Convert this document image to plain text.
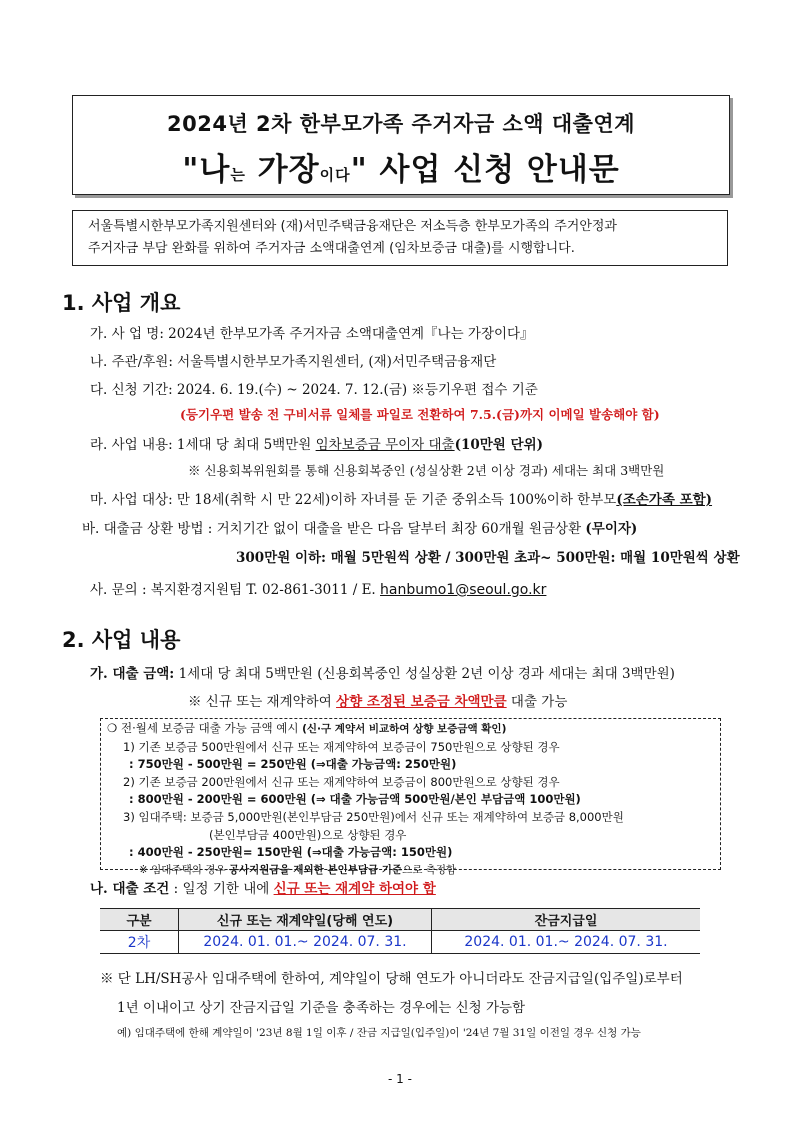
2024년 2차 한부모가족 주거자금 소액 대출연계
"나는 가장이다" 사업 신청 안내문
서울특별시한부모가족지원센터와 (재)서민주택금융재단은 저소득층 한부모가족의 주거안정과
주거자금 부담 완화를 위하여 주거자금 소액대출연계 (임차보증금 대출)를 시행합니다.
1. 사업 개요
가. 사 업 명: 2024년 한부모가족 주거자금 소액대출연계『나는 가장이다』
나. 주관/후원: 서울특별시한부모가족지원센터, (재)서민주택금융재단
다. 신청 기간: 2024. 6. 19.(수) ~ 2024. 7. 12.(금) ※등기우편 접수 기준
(등기우편 발송 전 구비서류 일체를 파일로 전환하여 7.5.(금)까지 이메일 발송해야 함)
라. 사업 내용: 1세대 당 최대 5백만원 임차보증금 무이자 대출(10만원 단위)
※ 신용회복위원회를 통해 신용회복중인 (성실상환 2년 이상 경과) 세대는 최대 3백만원
마. 사업 대상: 만 18세(취학 시 만 22세)이하 자녀를 둔 기준 중위소득 100%이하 한부모(조손가족 포함)
바. 대출금 상환 방법 : 거치기간 없이 대출을 받은 다음 달부터 최장 60개월 원금상환 (무이자)
300만원 이하: 매월 5만원씩 상환 / 300만원 초과~ 500만원: 매월 10만원씩 상환
사. 문의 : 복지환경지원팀 T. 02-861-3011 / E. hanbumo1@seoul.go.kr
2. 사업 내용
가. 대출 금액: 1세대 당 최대 5백만원 (신용회복중인 성실상환 2년 이상 경과 세대는 최대 3백만원)
※ 신규 또는 재계약하여 상향 조정된 보증금 차액만큼 대출 가능
❍ 전·월세 보증금 대출 가능 금액 예시 (신·구 계약서 비교하여 상향 보증금액 확인)
1) 기존 보증금 500만원에서 신규 또는 재계약하여 보증금이 750만원으로 상향된 경우
: 750만원 - 500만원 = 250만원 (⇒대출 가능금액: 250만원)
2) 기존 보증금 200만원에서 신규 또는 재계약하여 보증금이 800만원으로 상향된 경우
: 800만원 - 200만원 = 600만원 (⇒ 대출 가능금액 500만원/본인 부담금액 100만원)
3) 임대주택: 보증금 5,000만원(본인부담금 250만원)에서 신규 또는 재계약하여 보증금 8,000만원
(본인부담금 400만원)으로 상향된 경우
: 400만원 - 250만원= 150만원 (⇒대출 가능금액: 150만원)
※ 임대주택의 경우 공사지원금을 제외한 본인부담금 기준으로 측정함
나. 대출 조건 : 일정 기한 내에 신규 또는 재계약 하여야 함
구분	신규 또는 재계약일(당해 연도)	잔금지급일
2차	2024. 01. 01.~ 2024. 07. 31.	2024. 01. 01.~ 2024. 07. 31.
※ 단 LH/SH공사 임대주택에 한하여, 계약일이 당해 연도가 아니더라도 잔금지급일(입주일)로부터
1년 이내이고 상기 잔금지급일 기준을 충족하는 경우에는 신청 가능함
예) 임대주택에 한해 계약일이 '23년 8월 1일 이후 / 잔금 지급일(입주일)이 '24년 7월 31일 이전일 경우 신청 가능
- 1 -
